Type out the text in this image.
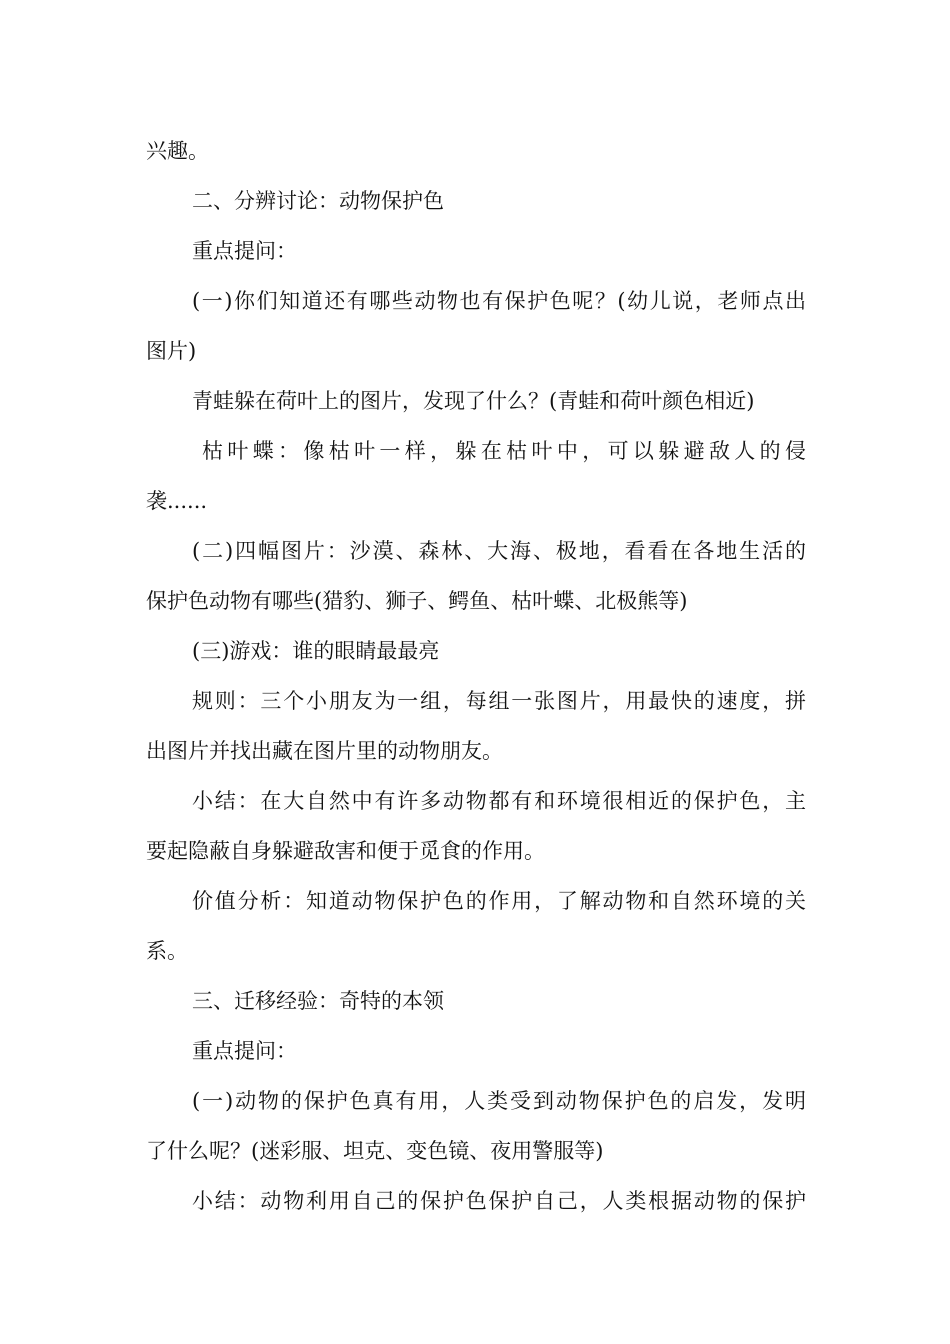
兴趣。
二、分辨讨论：动物保护色
重点提问：
(一)你们知道还有哪些动物也有保护色呢？(幼儿说，老师点出
图片)
青蛙躲在荷叶上的图片，发现了什么？(青蛙和荷叶颜色相近)
枯叶蝶：像枯叶一样，躲在枯叶中，可以躲避敌人的侵
袭......
(二)四幅图片：沙漠、森林、大海、极地，看看在各地生活的
保护色动物有哪些(猎豹、狮子、鳄鱼、枯叶蝶、北极熊等)
(三)游戏：谁的眼睛最最亮
规则：三个小朋友为一组，每组一张图片，用最快的速度，拼
出图片并找出藏在图片里的动物朋友。
小结：在大自然中有许多动物都有和环境很相近的保护色，主
要起隐蔽自身躲避敌害和便于觅食的作用。
价值分析：知道动物保护色的作用，了解动物和自然环境的关
系。
三、迁移经验：奇特的本领
重点提问：
(一)动物的保护色真有用，人类受到动物保护色的启发，发明
了什么呢？(迷彩服、坦克、变色镜、夜用警服等)
小结：动物利用自己的保护色保护自己，人类根据动物的保护
